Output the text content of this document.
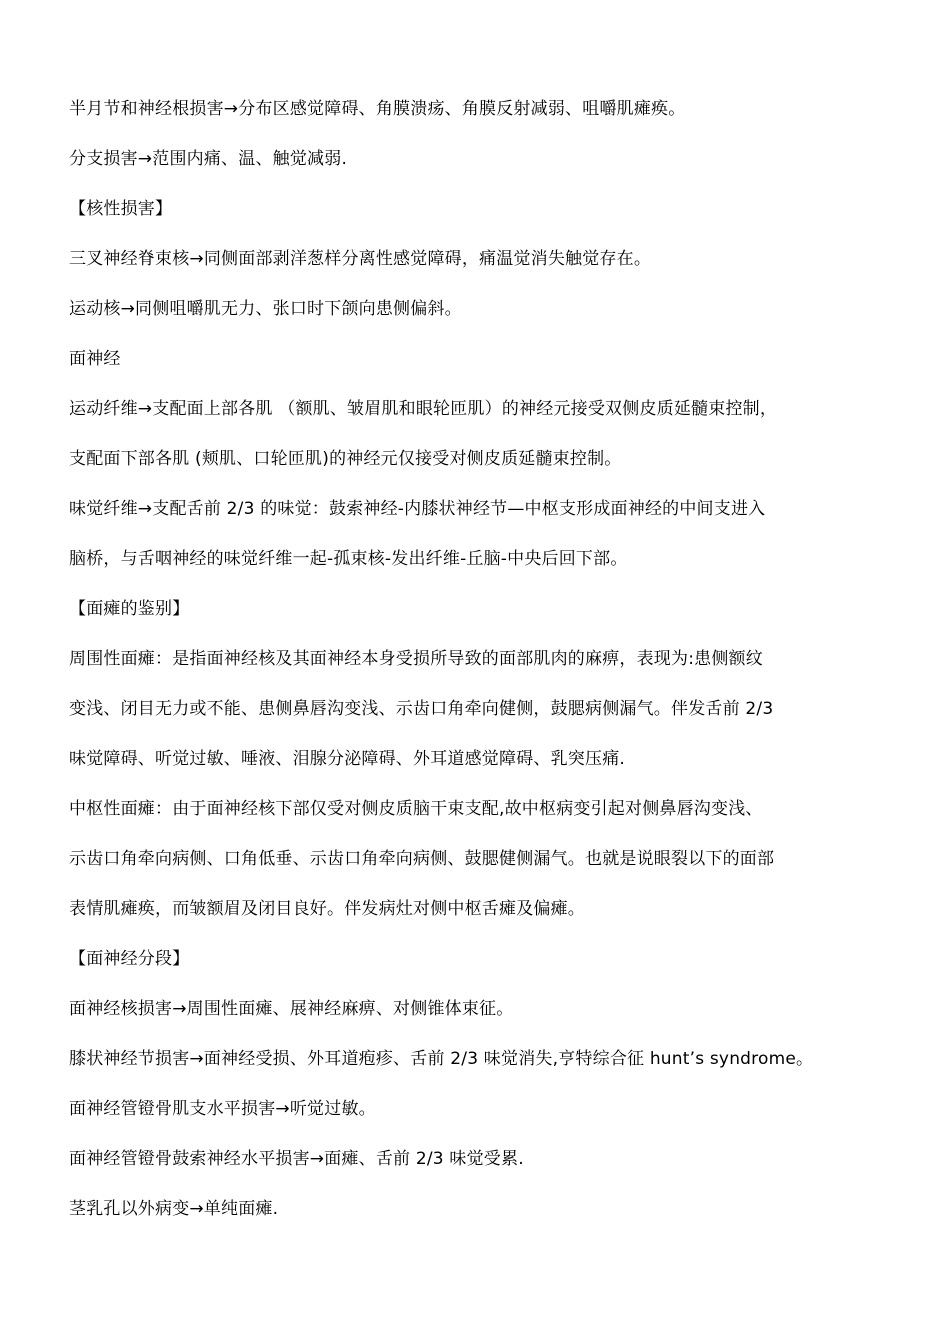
半月节和神经根损害→分布区感觉障碍、角膜溃疡、角膜反射减弱、咀嚼肌瘫痪。
分支损害→范围内痛、温、触觉减弱.
【核性损害】
三叉神经脊束核→同侧面部剥洋葱样分离性感觉障碍，痛温觉消失触觉存在。
运动核→同侧咀嚼肌无力、张口时下颌向患侧偏斜。
面神经
运动纤维→支配面上部各肌 （额肌、皱眉肌和眼轮匝肌）的神经元接受双侧皮质延髓束控制，
支配面下部各肌 (颊肌、口轮匝肌)的神经元仅接受对侧皮质延髓束控制。
味觉纤维→支配舌前 2/3 的味觉：鼓索神经-内膝状神经节—中枢支形成面神经的中间支进入
脑桥，与舌咽神经的味觉纤维一起-孤束核-发出纤维-丘脑-中央后回下部。
【面瘫的鉴别】
周围性面瘫：是指面神经核及其面神经本身受损所导致的面部肌肉的麻痹，表现为:患侧额纹
变浅、闭目无力或不能、患侧鼻唇沟变浅、示齿口角牵向健侧，鼓腮病侧漏气。伴发舌前 2/3
味觉障碍、听觉过敏、唾液、泪腺分泌障碍、外耳道感觉障碍、乳突压痛.
中枢性面瘫：由于面神经核下部仅受对侧皮质脑干束支配,故中枢病变引起对侧鼻唇沟变浅、
示齿口角牵向病侧、口角低垂、示齿口角牵向病侧、鼓腮健侧漏气。也就是说眼裂以下的面部
表情肌瘫痪，而皱额眉及闭目良好。伴发病灶对侧中枢舌瘫及偏瘫。
【面神经分段】
面神经核损害→周围性面瘫、展神经麻痹、对侧锥体束征。
膝状神经节损害→面神经受损、外耳道疱疹、舌前 2/3 味觉消失,亨特综合征 hunt’s syndrome。
面神经管镫骨肌支水平损害→听觉过敏。
面神经管镫骨鼓索神经水平损害→面瘫、舌前 2/3 味觉受累.
茎乳孔以外病变→单纯面瘫.
